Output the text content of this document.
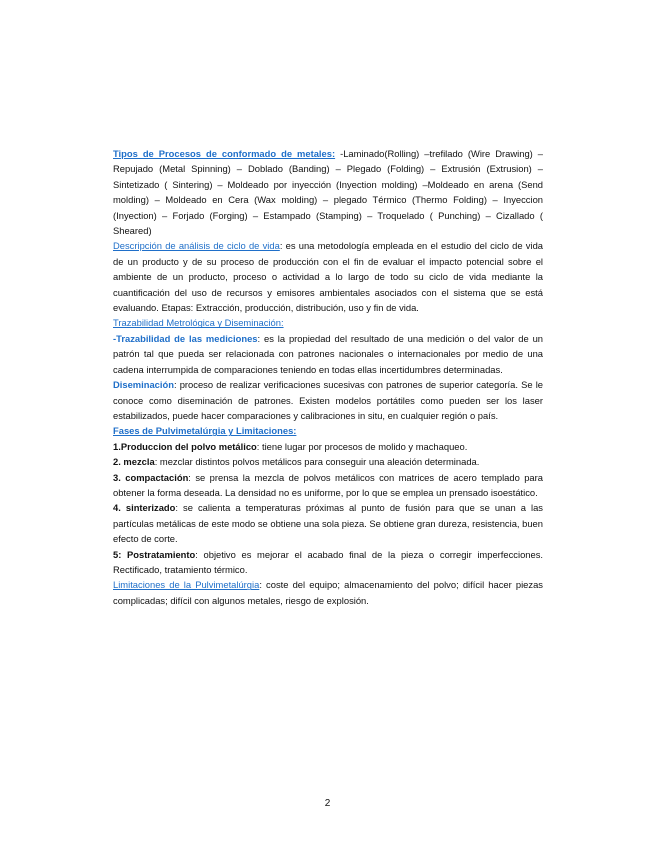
Tipos de Procesos de conformado de metales: -Laminado(Rolling) –trefilado (Wire Drawing) – Repujado (Metal Spinning) – Doblado (Banding) – Plegado (Folding) – Extrusión (Extrusion) – Sintetizado ( Sintering) – Moldeado por inyección (Inyection molding) –Moldeado en arena (Send molding) – Moldeado en Cera (Wax molding) – plegado Térmico (Thermo Folding) – Inyeccion (Inyection) – Forjado (Forging) – Estampado (Stamping) – Troquelado ( Punching) – Cizallado ( Sheared)

Descripción de análisis de ciclo de vida: es una metodología empleada en el estudio del ciclo de vida de un producto y de su proceso de producción con el fin de evaluar el impacto potencial sobre el ambiente de un producto, proceso o actividad a lo largo de todo su ciclo de vida mediante la cuantificación del uso de recursos y emisores ambientales asociados con el sistema que se está evaluando. Etapas: Extracción, producción, distribución, uso y fin de vida.

Trazabilidad Metrológica y Diseminación:

-Trazabilidad de las mediciones: es la propiedad del resultado de una medición o del valor de un patrón tal que pueda ser relacionada con patrones nacionales o internacionales por medio de una cadena interrumpida de comparaciones teniendo en todas ellas incertidumbres determinadas.

Diseminación: proceso de realizar verificaciones sucesivas con patrones de superior categoría. Se le conoce como diseminación de patrones. Existen modelos portátiles como pueden ser los laser estabilizados, puede hacer comparaciones y calibraciones in situ, en cualquier región o país.

Fases de Pulvimetalúrgia y Limitaciones:

1.Produccion del polvo metálico: tiene lugar por procesos de molido y machaqueo.

2. mezcla: mezclar distintos polvos metálicos para conseguir una aleación determinada.

3. compactación: se prensa la mezcla de polvos metálicos con matrices de acero templado para obtener la forma deseada. La densidad no es uniforme, por lo que se emplea un prensado isoestático.

4. sinterizado: se calienta a temperaturas próximas al punto de fusión para que se unan a las partículas metálicas de este modo se obtiene una sola pieza. Se obtiene gran dureza, resistencia, buen efecto de corte.

5: Postratamiento: objetivo es mejorar el acabado final de la pieza o corregir imperfecciones. Rectificado, tratamiento térmico.

Limitaciones de la Pulvimetalúrgia: coste del equipo; almacenamiento del polvo; difícil hacer piezas complicadas; difícil con algunos metales, riesgo de explosión.

2
